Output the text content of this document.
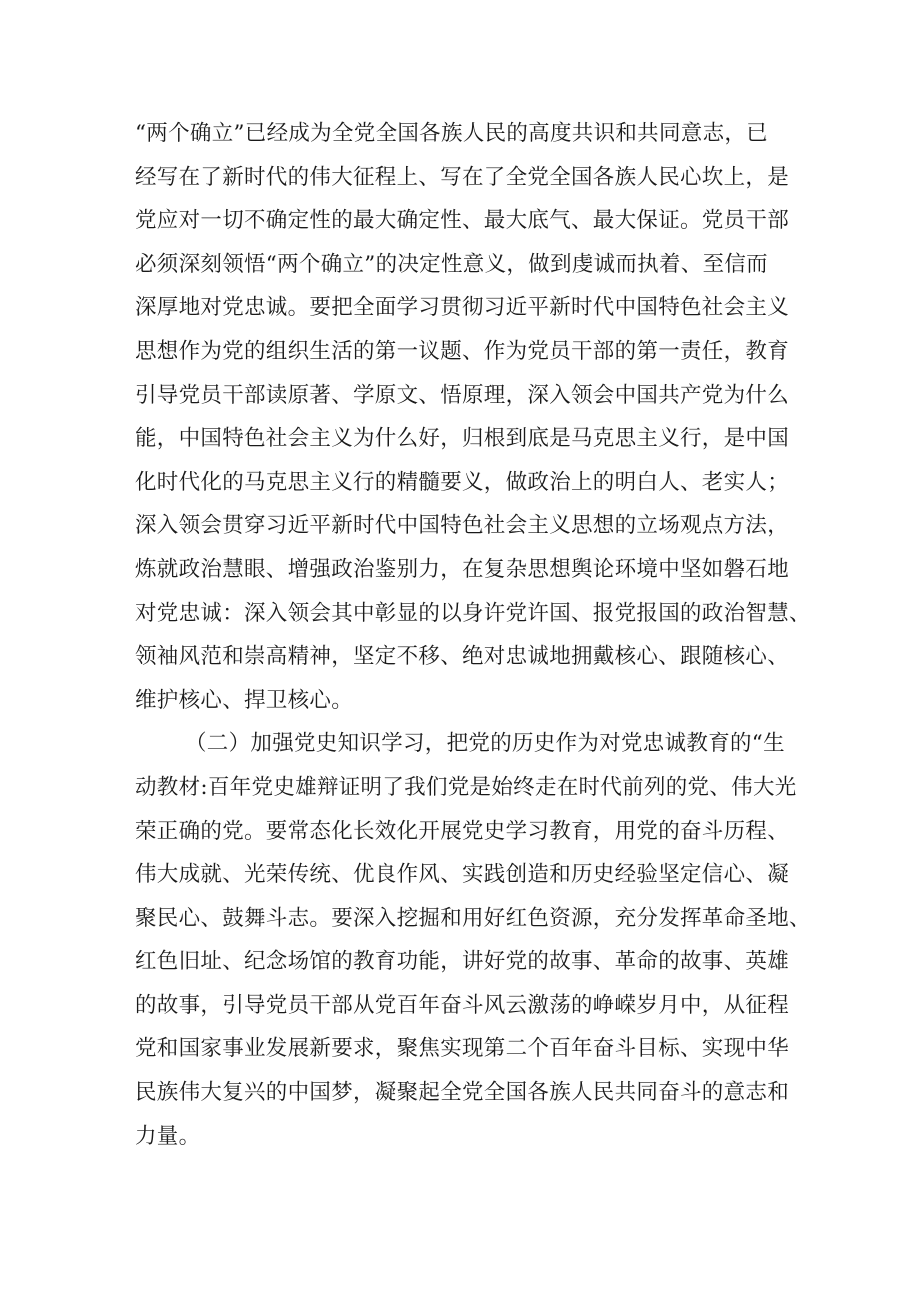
“两个确立”已经成为全党全国各族人民的高度共识和共同意志，已
经写在了新时代的伟大征程上、写在了全党全国各族人民心坎上，是
党应对一切不确定性的最大确定性、最大底气、最大保证。党员干部
必须深刻领悟“两个确立”的决定性意义，做到虔诚而执着、至信而
深厚地对党忠诚。要把全面学习贯彻习近平新时代中国特色社会主义
思想作为党的组织生活的第一议题、作为党员干部的第一责任，教育
引导党员干部读原著、学原文、悟原理，深入领会中国共产党为什么
能，中国特色社会主义为什么好，归根到底是马克思主义行，是中国
化时代化的马克思主义行的精髓要义，做政治上的明白人、老实人；
深入领会贯穿习近平新时代中国特色社会主义思想的立场观点方法，
炼就政治慧眼、增强政治鉴别力，在复杂思想舆论环境中坚如磐石地
对党忠诚：深入领会其中彰显的以身许党许国、报党报国的政治智慧、
领袖风范和崇高精神，坚定不移、绝对忠诚地拥戴核心、跟随核心、
维护核心、捍卫核心。
（二）加强党史知识学习，把党的历史作为对党忠诚教育的“生
动教材:百年党史雄辩证明了我们党是始终走在时代前列的党、伟大光
荣正确的党。要常态化长效化开展党史学习教育，用党的奋斗历程、
伟大成就、光荣传统、优良作风、实践创造和历史经验坚定信心、凝
聚民心、鼓舞斗志。要深入挖掘和用好红色资源，充分发挥革命圣地、
红色旧址、纪念场馆的教育功能，讲好党的故事、革命的故事、英雄
的故事，引导党员干部从党百年奋斗风云激荡的峥嵘岁月中，从征程
党和国家事业发展新要求，聚焦实现第二个百年奋斗目标、实现中华
民族伟大复兴的中国梦，凝聚起全党全国各族人民共同奋斗的意志和
力量。
